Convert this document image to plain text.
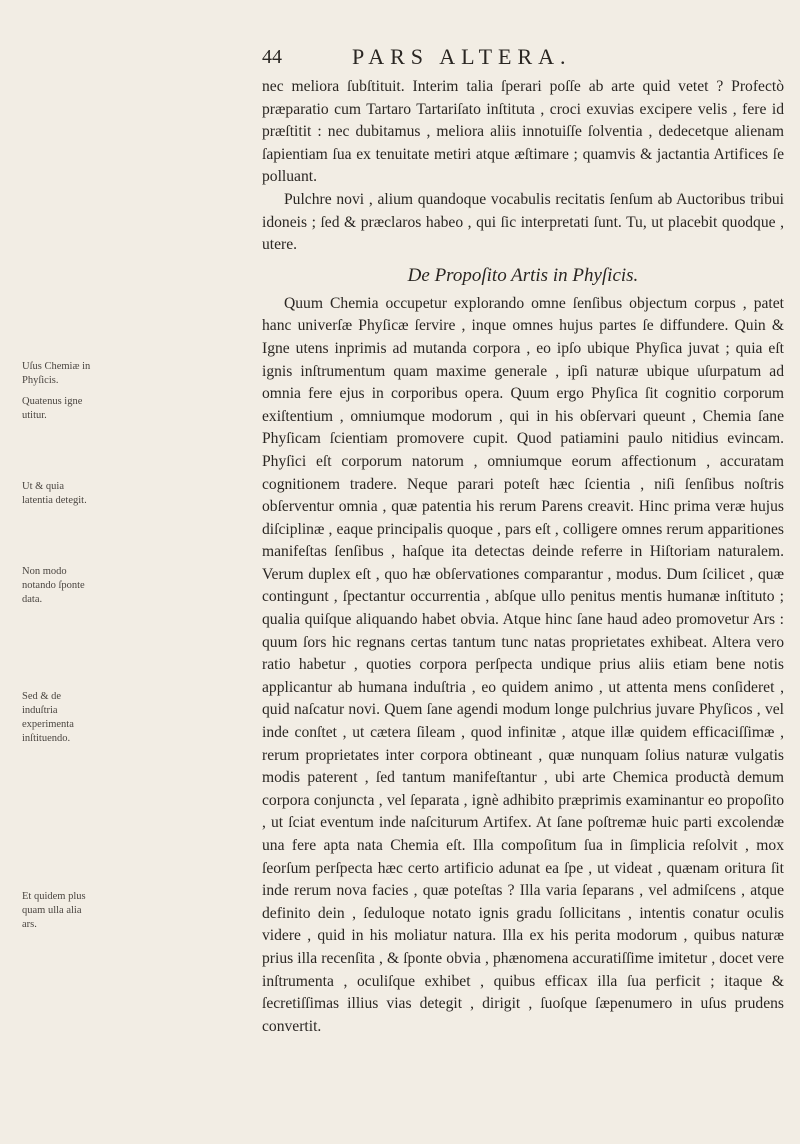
44	PARS ALTERA.

nec meliora ſubſtituit. Interim talia ſperari poſſe ab arte quid vetet ? Profectò præparatio cum Tartaro Tartariſato inſtituta , croci exuvias excipere velis , fere id præſtitit : nec dubitamus , meliora aliis innotuiſſe ſolventia , dedecetque alienam ſapientiam ſua ex tenuitate metiri atque æſtimare ; quamvis & jactantia Artifices ſe polluant.

Pulchre novi , alium quandoque vocabulis recitatis ſenſum ab Auctoribus tribui idoneis ; ſed & præclaros habeo , qui ſic interpretati ſunt. Tu, ut placebit quodque , utere.

De Propoſito Artis in Phyſicis.

Quum Chemia occupetur explorando omne ſenſibus objectum corpus , patet hanc univerſæ Phyſicæ ſervire , inque omnes hujus partes ſe diffundere. Quin & Igne utens inprimis ad mutanda corpora , eo ipſo ubique Phyſica juvat ; quia eſt ignis inſtrumentum quam maxime generale , ipſi naturæ ubique uſurpatum ad omnia fere ejus in corporibus opera. Quum ergo Phyſica ſit cognitio corporum exiſtentium , omniumque modorum , qui in his obſervari queunt , Chemia ſane Phyſicam ſcientiam promovere cupit. Quod patiamini paulo nitidius evincam. Phyſici eſt corporum natorum , omniumque eorum affectionum , accuratam cognitionem tradere. Neque parari poteſt hæc ſcientia , niſi ſenſibus noſtris obſerventur omnia , quæ patentia his rerum Parens creavit. Hinc prima veræ hujus diſciplinæ , eaque principalis quoque , pars eſt , colligere omnes rerum apparitiones manifeſtas ſenſibus , haſque ita detectas deinde referre in Hiſtoriam naturalem. Verum duplex eſt , quo hæ obſervationes comparantur , modus. Dum ſcilicet , quæ contingunt , ſpectantur occurrentia , abſque ullo penitus mentis humanæ inſtituto ; qualia quiſque aliquando habet obvia. Atque hinc ſane haud adeo promovetur Ars : quum ſors hic regnans certas tantum tunc natas proprietates exhibeat. Altera vero ratio habetur , quoties corpora perſpecta undique prius aliis etiam bene notis applicantur ab humana induſtria , eo quidem animo , ut attenta mens conſideret , quid naſcatur novi. Quem ſane agendi modum longe pulchrius juvare Phyſicos , vel inde conſtet , ut cætera ſileam , quod infinitæ , atque illæ quidem efficaciſſimæ , rerum proprietates inter corpora obtineant , quæ nunquam ſolius naturæ vulgatis modis paterent , ſed tantum manifeſtantur , ubi arte Chemica productà demum corpora conjuncta , vel ſeparata , ignè adhibito præprimis examinantur eo propoſito , ut ſciat eventum inde naſciturum Artifex. At ſane poſtremæ huic parti excolendæ una fere apta nata Chemia eſt. Illa compoſitum ſua in ſimplicia reſolvit , mox ſeorſum perſpecta hæc certo artificio adunat ea ſpe , ut videat , quænam oritura ſit inde rerum nova facies , quæ poteſtas ? Illa varia ſeparans , vel admiſcens , atque definito dein , ſeduloque notato ignis gradu ſollicitans , intentis conatur oculis videre , quid in his moliatur natura. Illa ex his perita modorum , quibus naturæ prius illa recenſita , & ſponte obvia , phænomena accuratiſſime imitetur , docet vere inſtrumenta , oculiſque exhibet , quibus efficax illa ſua perficit ; itaque & ſecretiſſimas illius vias detegit , dirigit , ſuoſque ſæpenumero in uſus prudens convertit.

Uſus Chemiæ in Phyſicis.
Quatenus igne utitur.
Ut & quia latentia detegit.
Non modo notando ſponte data.
Sed & de induſtria experimenta inſtituendo.
Et quidem plus quam ulla alia ars.
